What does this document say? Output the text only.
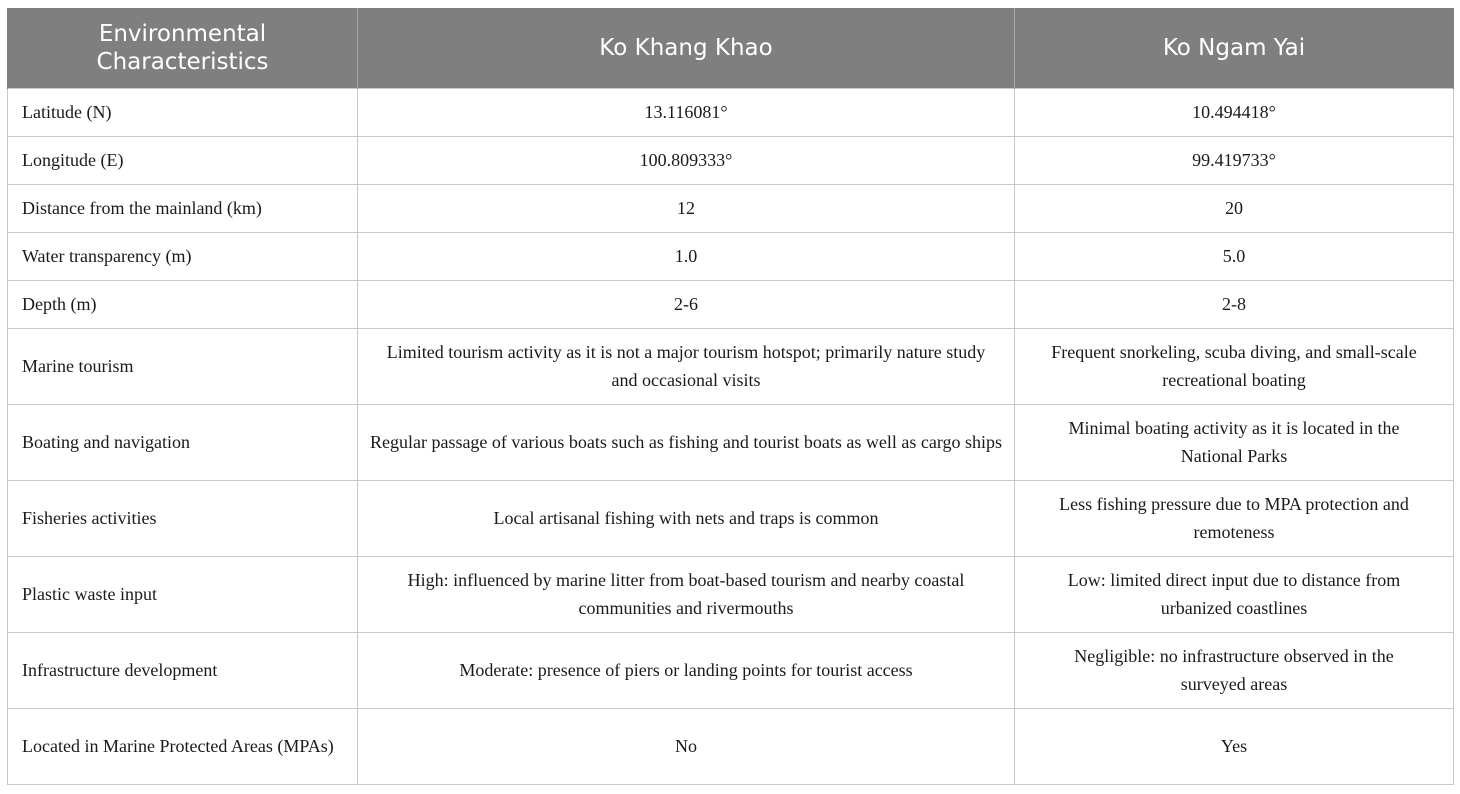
Environmental Characteristics	Ko Khang Khao	Ko Ngam Yai
Latitude (N)	13.116081°	10.494418°
Longitude (E)	100.809333°	99.419733°
Distance from the mainland (km)	12	20
Water transparency (m)	1.0	5.0
Depth (m)	2-6	2-8
Marine tourism	Limited tourism activity as it is not a major tourism hotspot; primarily nature study and occasional visits	Frequent snorkeling, scuba diving, and small-scale recreational boating
Boating and navigation	Regular passage of various boats such as fishing and tourist boats as well as cargo ships	Minimal boating activity as it is located in the National Parks
Fisheries activities	Local artisanal fishing with nets and traps is common	Less fishing pressure due to MPA protection and remoteness
Plastic waste input	High: influenced by marine litter from boat-based tourism and nearby coastal communities and rivermouths	Low: limited direct input due to distance from urbanized coastlines
Infrastructure development	Moderate: presence of piers or landing points for tourist access	Negligible: no infrastructure observed in the surveyed areas
Located in Marine Protected Areas (MPAs)	No	Yes
